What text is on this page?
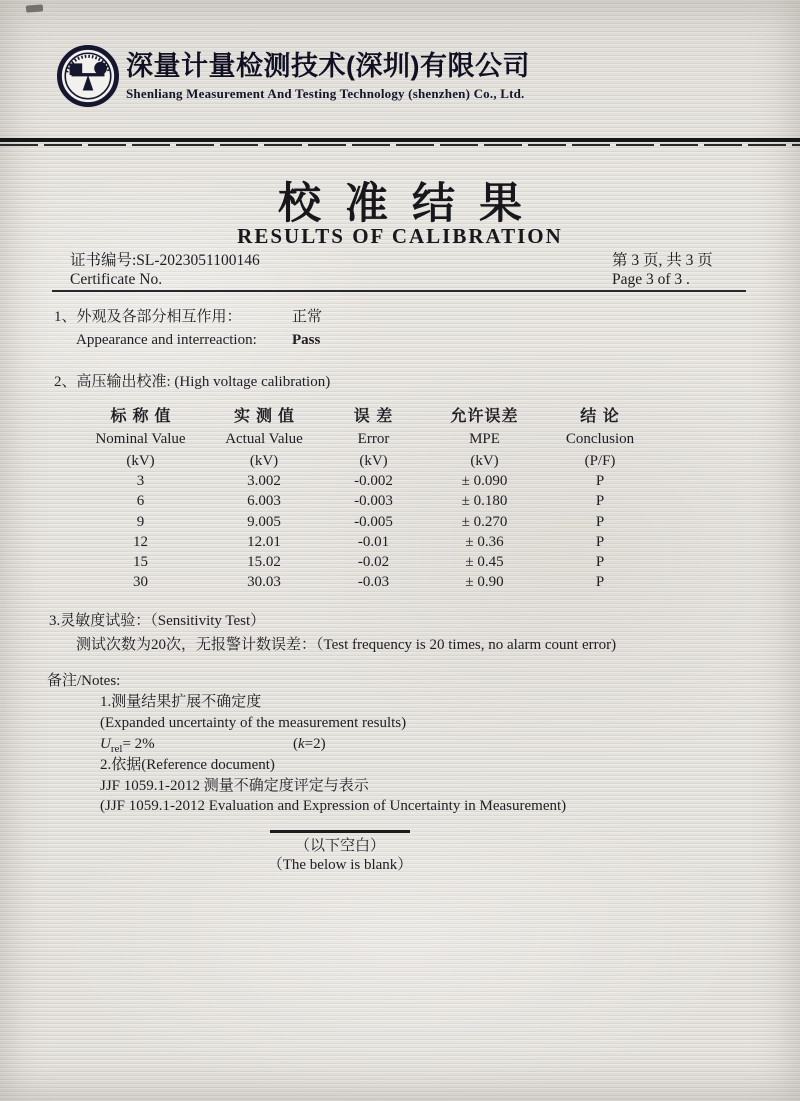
深量计量检测技术(深圳)有限公司
Shenliang Measurement And Testing Technology (shenzhen) Co., Ltd.
校准结果
RESULTS OF CALIBRATION
证书编号:SL-2023051100146
Certificate No.
第 3 页, 共 3 页
Page 3 of 3 .
1、外观及各部分相互作用：	正常
Appearance and interreaction: Pass
2、高压输出校准: (High voltage calibration)
标称值	实测值	误 差	允许误差	结 论
Nominal Value	Actual Value	Error	MPE	Conclusion
(kV)	(kV)	(kV)	(kV)	(P/F)
3	3.002	-0.002	± 0.090	P
6	6.003	-0.003	± 0.180	P
9	9.005	-0.005	± 0.270	P
12	12.01	-0.01	± 0.36	P
15	15.02	-0.02	± 0.45	P
30	30.03	-0.03	± 0.90	P
3.灵敏度试验：（Sensitivity Test）
测试次数为20次，无报警计数误差：（Test frequency is 20 times, no alarm count error)
备注/Notes:
1.测量结果扩展不确定度
(Expanded uncertainty of the measurement results)
$U_{rel}= 2\%$	(k=2)
2.依据(Reference document)
JJF 1059.1-2012 测量不确定度评定与表示
(JJF 1059.1-2012 Evaluation and Expression of Uncertainty in Measurement)
（以下空白）
（The below is blank）
